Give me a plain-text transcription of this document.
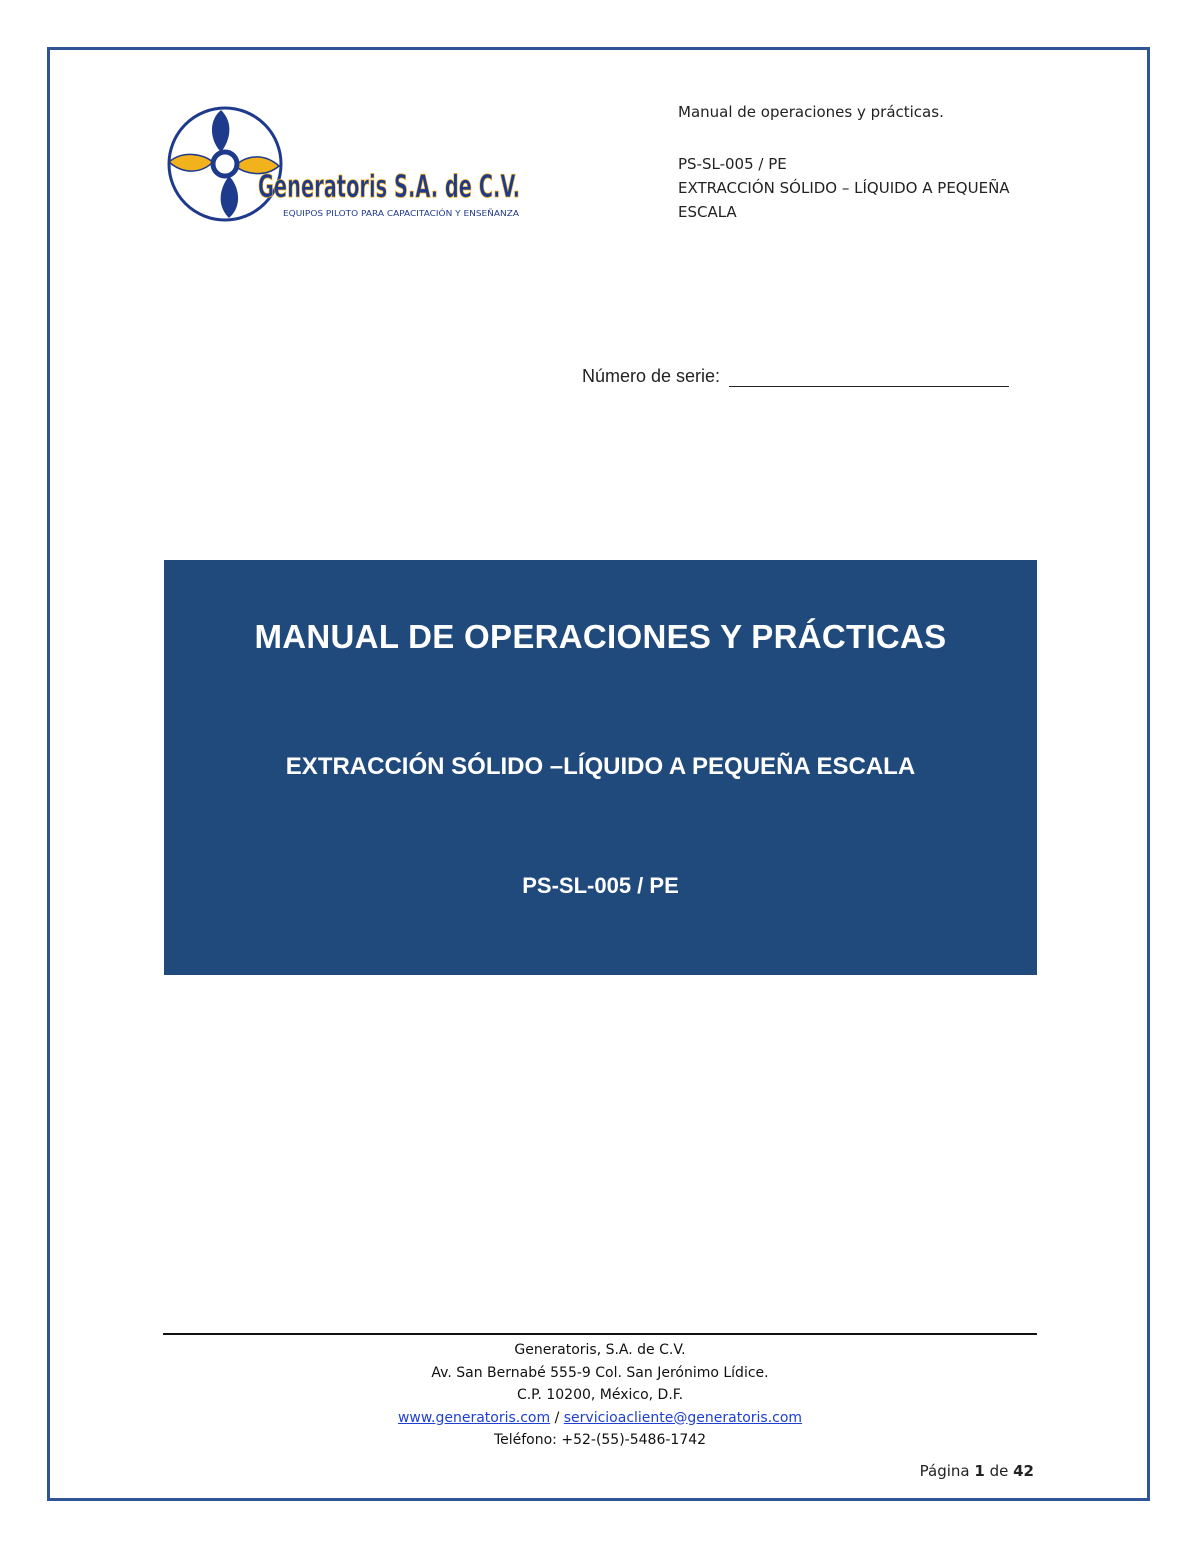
Generatoris S.A. de C.V.
EQUIPOS PILOTO PARA CAPACITACIÓN Y ENSEÑANZA
Manual de operaciones y prácticas.
PS-SL-005 / PE
EXTRACCIÓN SÓLIDO – LÍQUIDO A PEQUEÑA
ESCALA
Número de serie:
MANUAL DE OPERACIONES Y PRÁCTICAS
EXTRACCIÓN SÓLIDO –LÍQUIDO A PEQUEÑA ESCALA
PS-SL-005 / PE
Generatoris, S.A. de C.V.
Av. San Bernabé 555-9 Col. San Jerónimo Lídice.
C.P. 10200, México, D.F.
www.generatoris.com / servicioacliente@generatoris.com
Teléfono: +52-(55)-5486-1742
Página 1 de 42
